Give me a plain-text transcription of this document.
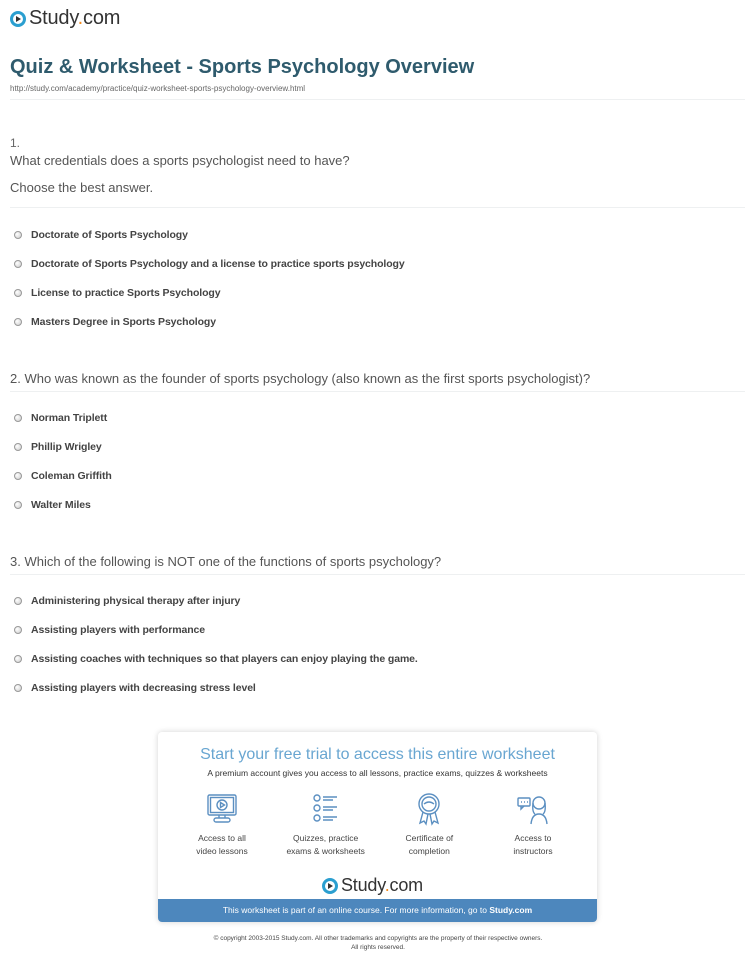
Study.com
Quiz & Worksheet - Sports Psychology Overview
http://study.com/academy/practice/quiz-worksheet-sports-psychology-overview.html
1.
What credentials does a sports psychologist need to have?
Choose the best answer.
Doctorate of Sports Psychology
Doctorate of Sports Psychology and a license to practice sports psychology
License to practice Sports Psychology
Masters Degree in Sports Psychology
2. Who was known as the founder of sports psychology (also known as the first sports psychologist)?
Norman Triplett
Phillip Wrigley
Coleman Griffith
Walter Miles
3. Which of the following is NOT one of the functions of sports psychology?
Administering physical therapy after injury
Assisting players with performance
Assisting coaches with techniques so that players can enjoy playing the game.
Assisting players with decreasing stress level
Start your free trial to access this entire worksheet
A premium account gives you access to all lessons, practice exams, quizzes & worksheets
Access to all
video lessons
Quizzes, practice
exams & worksheets
Certificate of
completion
Access to
instructors
Study.com
This worksheet is part of an online course. For more information, go to Study.com
© copyright 2003-2015 Study.com. All other trademarks and copyrights are the property of their respective owners.
All rights reserved.
